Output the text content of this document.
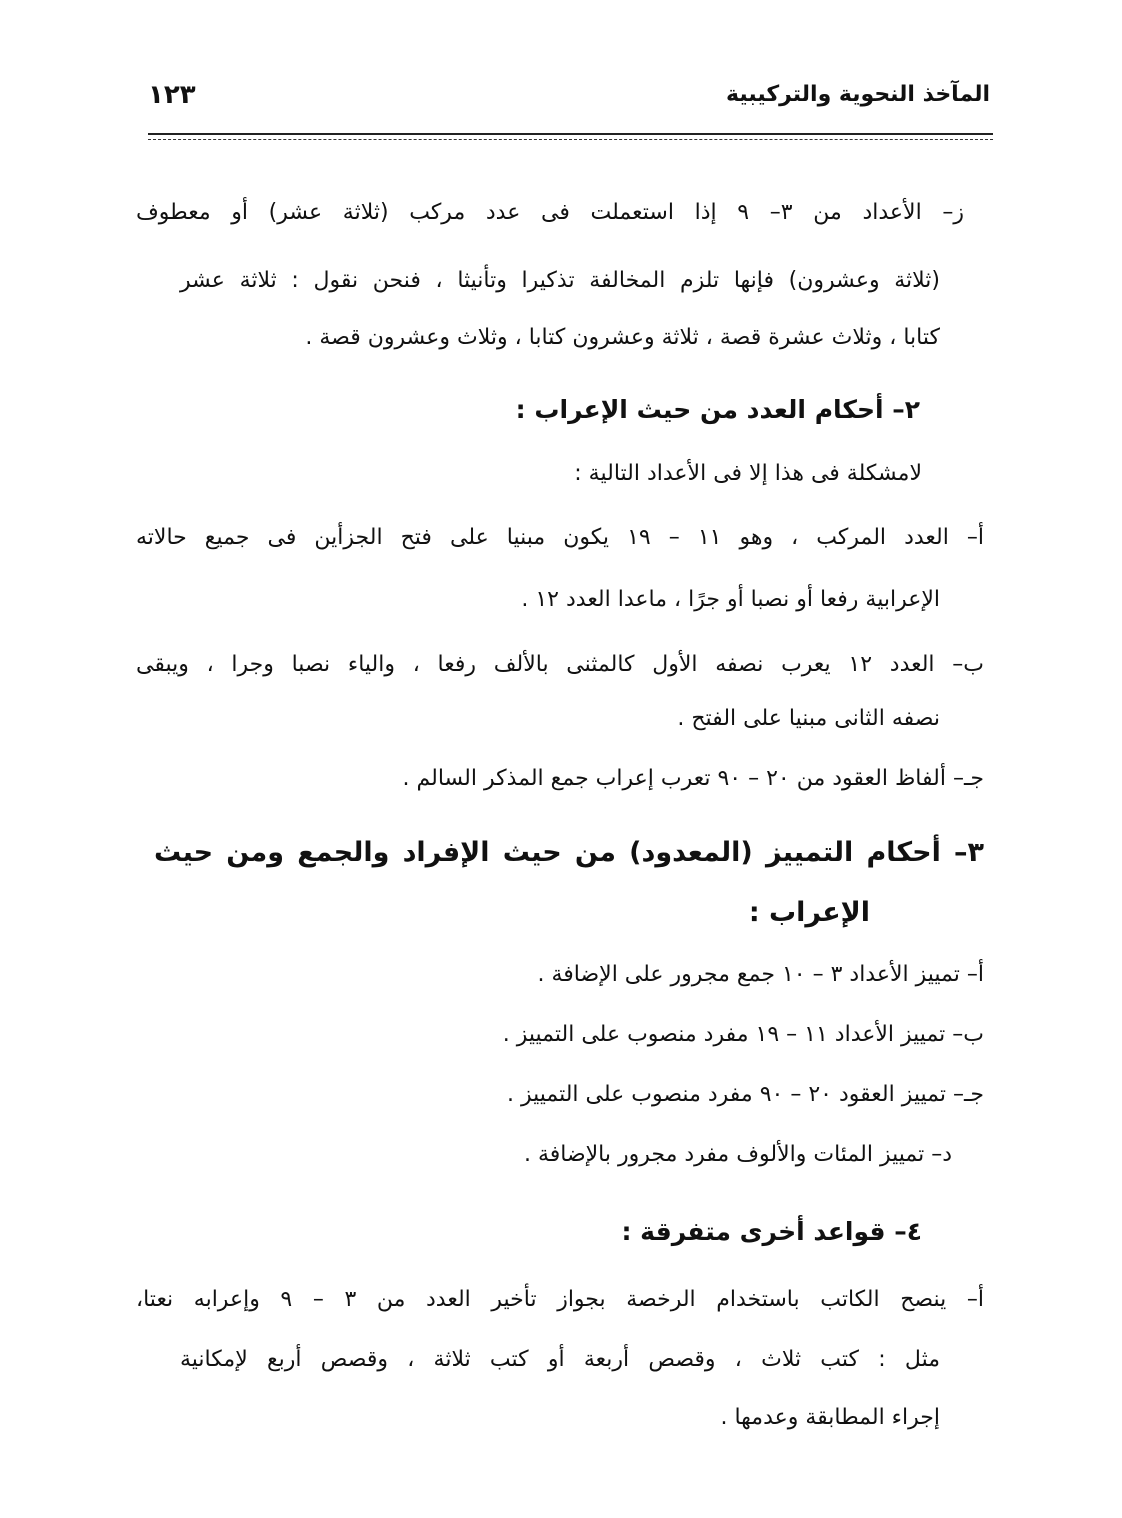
المآخذ النحوية والتركيبية
١٢٣
ز– الأعداد من ٣– ٩ إذا استعملت فى عدد مركب (ثلاثة عشر) أو معطوف
(ثلاثة وعشرون) فإنها تلزم المخالفة تذكيرا وتأنيثا ، فنحن نقول : ثلاثة عشر
كتابا ، وثلاث عشرة قصة ، ثلاثة وعشرون كتابا ، وثلاث وعشرون قصة .
٢– أحكام العدد من حيث الإعراب :
لامشكلة فى هذا إلا فى الأعداد التالية :
أ– العدد المركب ، وهو ١١ – ١٩ يكون مبنيا على فتح الجزأين فى جميع حالاته
الإعرابية رفعا أو نصبا أو جرًا ، ماعدا العدد ١٢ .
ب– العدد ١٢ يعرب نصفه الأول كالمثنى بالألف رفعا ، والياء نصبا وجرا ، ويبقى
نصفه الثانى مبنيا على الفتح .
جـ– ألفاظ العقود من ٢٠ – ٩٠ تعرب إعراب جمع المذكر السالم .
٣– أحكام التمييز (المعدود) من حيث الإفراد والجمع ومن حيث
الإعراب :
أ– تمييز الأعداد ٣ – ١٠ جمع مجرور على الإضافة .
ب– تمييز الأعداد ١١ – ١٩ مفرد منصوب على التمييز .
جـ– تمييز العقود ٢٠ – ٩٠ مفرد منصوب على التمييز .
د– تمييز المئات والألوف مفرد مجرور بالإضافة .
٤– قواعد أخرى متفرقة :
أ– ينصح الكاتب باستخدام الرخصة بجواز تأخير العدد من ٣ – ٩ وإعرابه نعتا،
مثل : كتب ثلاث ، وقصص أربعة أو كتب ثلاثة ، وقصص أربع لإمكانية
إجراء المطابقة وعدمها .
